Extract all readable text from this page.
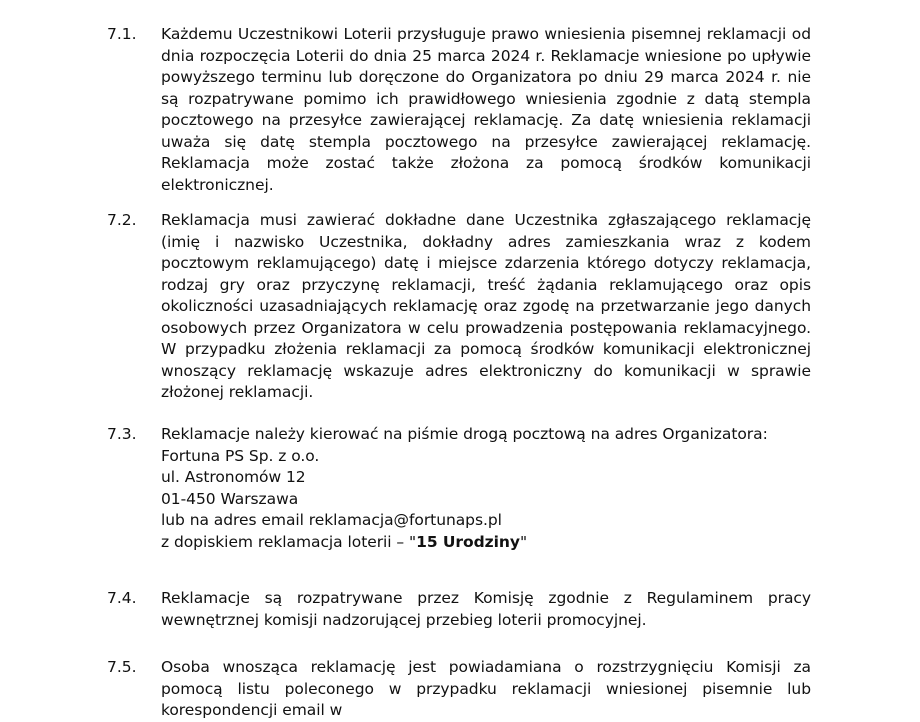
7.1. Każdemu Uczestnikowi Loterii przysługuje prawo wniesienia pisemnej reklamacji od dnia rozpoczęcia Loterii do dnia 25 marca 2024 r. Reklamacje wniesione po upływie powyższego terminu lub doręczone do Organizatora po dniu 29 marca 2024 r. nie są rozpatrywane pomimo ich prawidłowego wniesienia zgodnie z datą stempla pocztowego na przesyłce zawierającej reklamację. Za datę wniesienia reklamacji uważa się datę stempla pocztowego na przesyłce zawierającej reklamację. Reklamacja może zostać także złożona za pomocą środków komunikacji elektronicznej.
7.2. Reklamacja musi zawierać dokładne dane Uczestnika zgłaszającego reklamację (imię i nazwisko Uczestnika, dokładny adres zamieszkania wraz z kodem pocztowym reklamującego) datę i miejsce zdarzenia którego dotyczy reklamacja, rodzaj gry oraz przyczynę reklamacji, treść żądania reklamującego oraz opis okoliczności uzasadniających reklamację oraz zgodę na przetwarzanie jego danych osobowych przez Organizatora w celu prowadzenia postępowania reklamacyjnego. W przypadku złożenia reklamacji za pomocą środków komunikacji elektronicznej wnoszący reklamację wskazuje adres elektroniczny do komunikacji w sprawie złożonej reklamacji.
7.3. Reklamacje należy kierować na piśmie drogą pocztową na adres Organizatora:
Fortuna PS Sp. z o.o.
ul. Astronomów 12
01-450 Warszawa
lub na adres email reklamacja@fortunaps.pl
z dopiskiem reklamacja loterii – "15 Urodziny"
7.4. Reklamacje są rozpatrywane przez Komisję zgodnie z Regulaminem pracy wewnętrznej komisji nadzorującej przebieg loterii promocyjnej.
7.5. Osoba wnosząca reklamację jest powiadamiana o rozstrzygnięciu Komisji za pomocą listu poleconego w przypadku reklamacji wniesionej pisemnie lub korespondencji email w
